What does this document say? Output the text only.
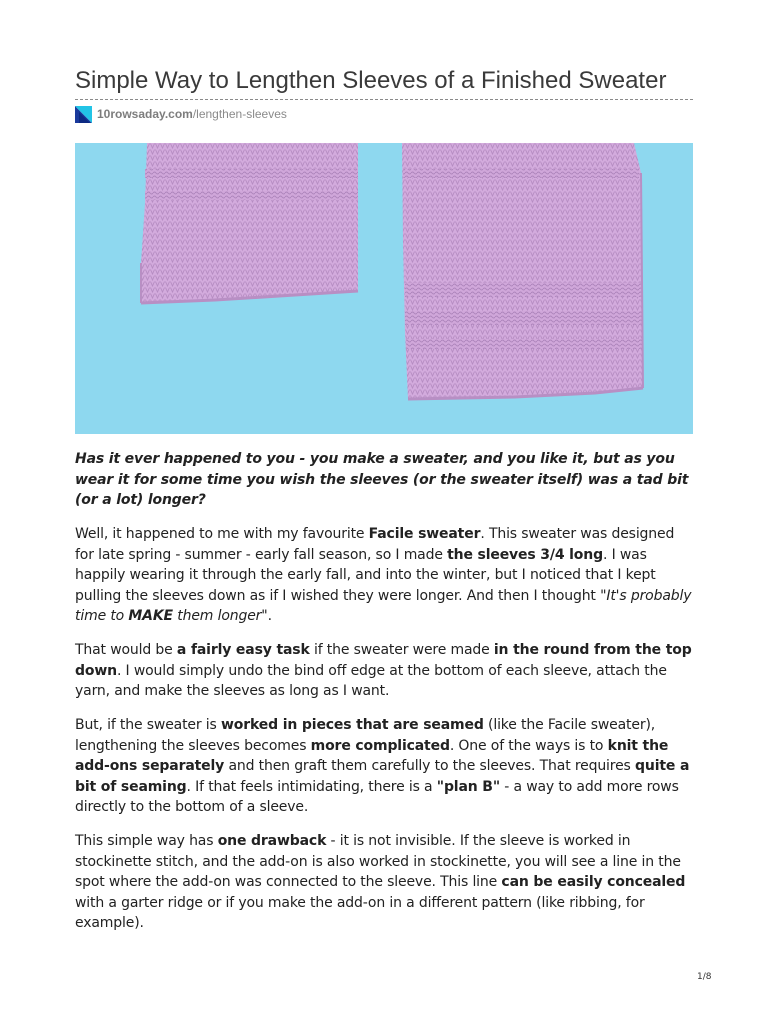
Simple Way to Lengthen Sleeves of a Finished Sweater
10rowsaday.com/lengthen-sleeves

Has it ever happened to you - you make a sweater, and you like it, but as you wear it for some time you wish the sleeves (or the sweater itself) was a tad bit (or a lot) longer?

Well, it happened to me with my favourite Facile sweater. This sweater was designed for late spring - summer - early fall season, so I made the sleeves 3/4 long. I was happily wearing it through the early fall, and into the winter, but I noticed that I kept pulling the sleeves down as if I wished they were longer. And then I thought "It's probably time to MAKE them longer".

That would be a fairly easy task if the sweater were made in the round from the top down. I would simply undo the bind off edge at the bottom of each sleeve, attach the yarn, and make the sleeves as long as I want.

But, if the sweater is worked in pieces that are seamed (like the Facile sweater), lengthening the sleeves becomes more complicated. One of the ways is to knit the add-ons separately and then graft them carefully to the sleeves. That requires quite a bit of seaming. If that feels intimidating, there is a "plan B" - a way to add more rows directly to the bottom of a sleeve.

This simple way has one drawback - it is not invisible. If the sleeve is worked in stockinette stitch, and the add-on is also worked in stockinette, you will see a line in the spot where the add-on was connected to the sleeve. This line can be easily concealed with a garter ridge or if you make the add-on in a different pattern (like ribbing, for example).

1/8
